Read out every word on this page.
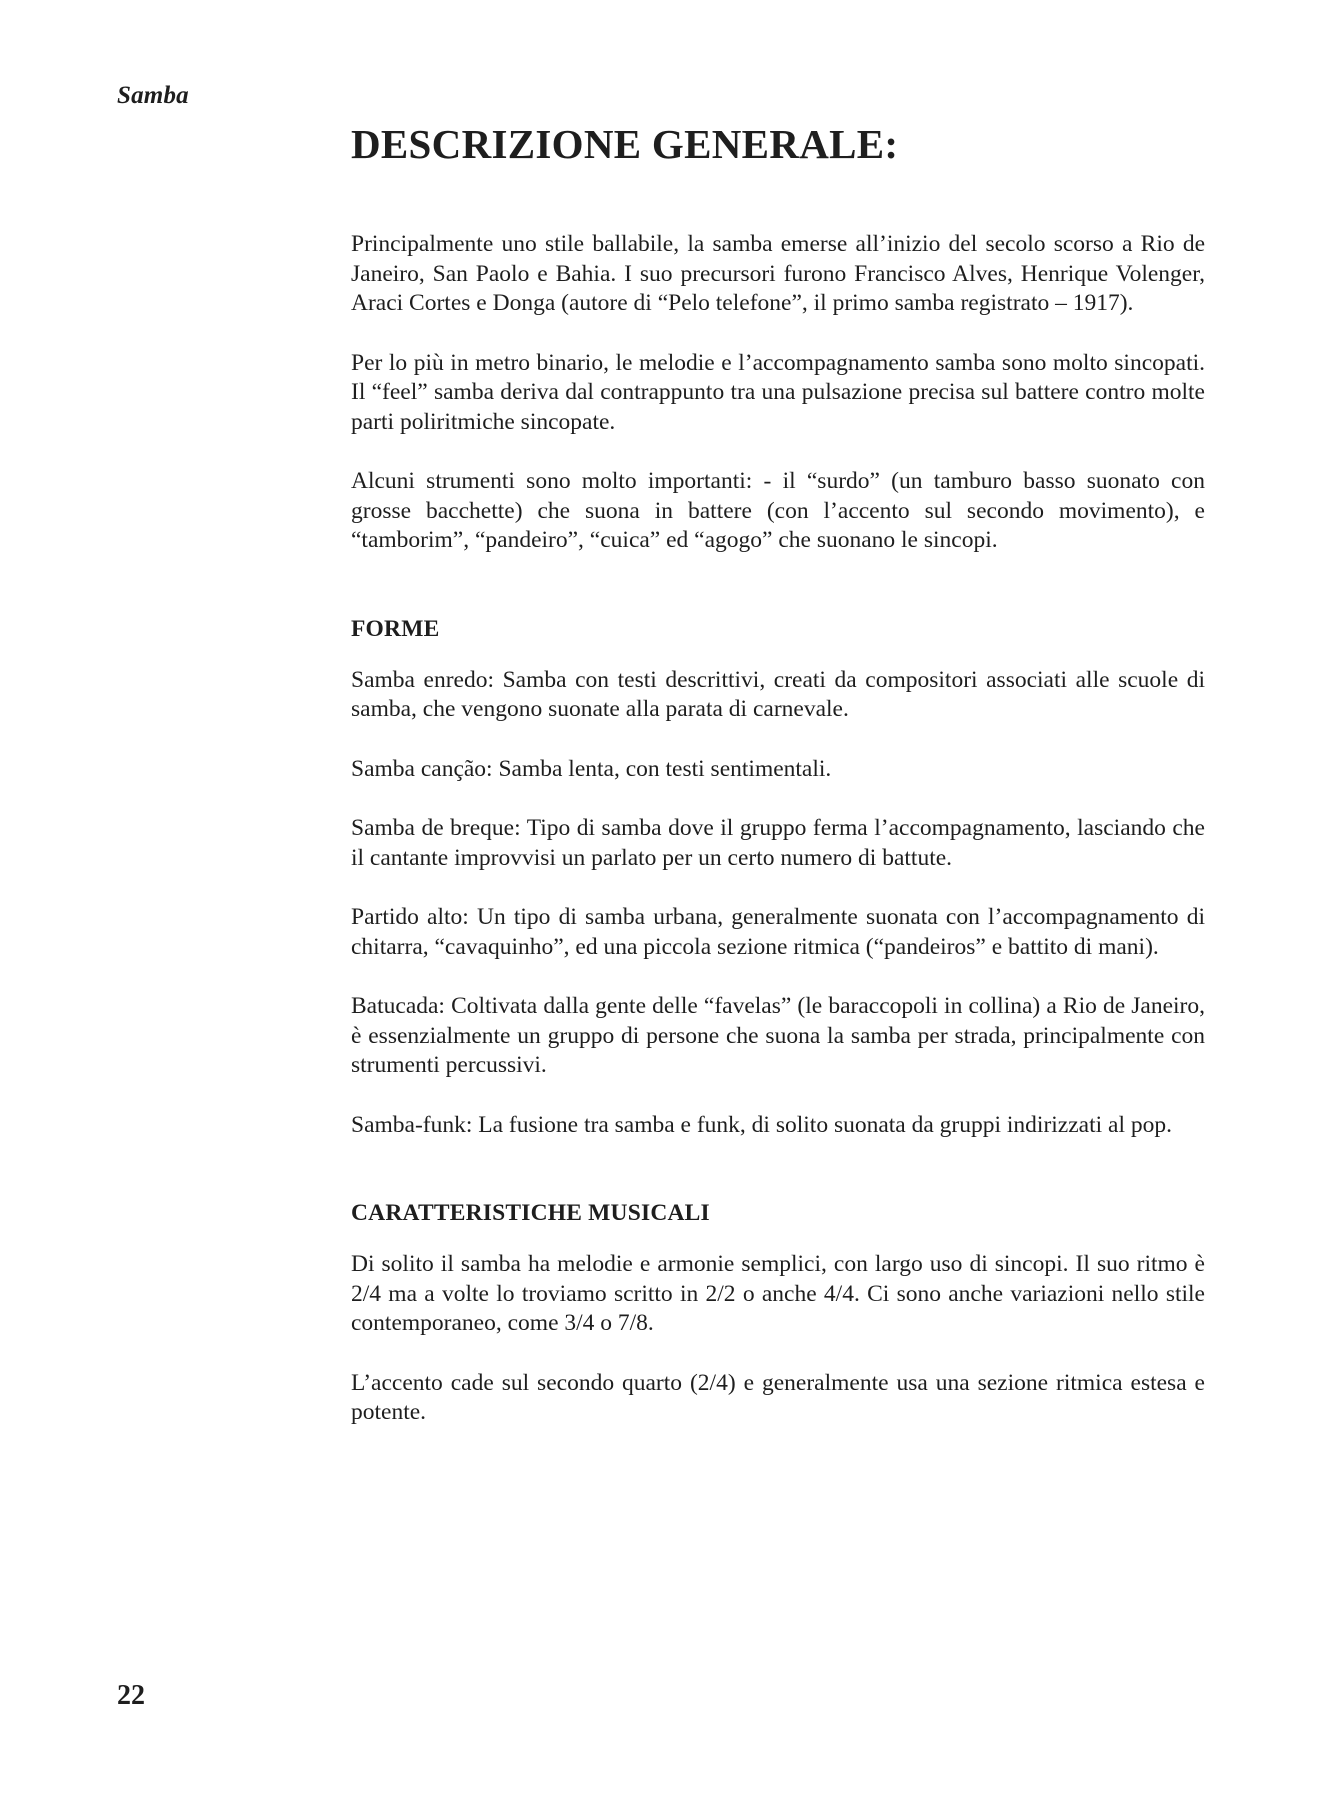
Samba
DESCRIZIONE GENERALE:

Principalmente uno stile ballabile, la samba emerse all’inizio del secolo scorso a Rio de Janeiro, San Paolo e Bahia. I suo precursori furono Francisco Alves, Henrique Volenger, Araci Cortes e Donga (autore di “Pelo telefone”, il primo samba registrato – 1917).

Per lo più in metro binario, le melodie e l’accompagnamento samba sono molto sincopati. Il “feel” samba deriva dal contrappunto tra una pulsazione precisa sul battere contro molte parti poliritmiche sincopate.

Alcuni strumenti sono molto importanti: - il “surdo” (un tamburo basso suonato con grosse bacchette) che suona in battere (con l’accento sul secondo movimento), e “tamborim”, “pandeiro”, “cuica” ed “agogo” che suonano le sincopi.

FORME

Samba enredo: Samba con testi descrittivi, creati da compositori associati alle scuole di samba, che vengono suonate alla parata di carnevale.

Samba canção: Samba lenta, con testi sentimentali.

Samba de breque: Tipo di samba dove il gruppo ferma l’accompagnamento, lasciando che il cantante improvvisi un parlato per un certo numero di battute.

Partido alto: Un tipo di samba urbana, generalmente suonata con l’accompagnamento di chitarra, “cavaquinho”, ed una piccola sezione ritmica (“pandeiros” e battito di mani).

Batucada: Coltivata dalla gente delle “favelas” (le baraccopoli in collina) a Rio de Janeiro, è essenzialmente un gruppo di persone che suona la samba per strada, principalmente con strumenti percussivi.

Samba-funk: La fusione tra samba e funk, di solito suonata da gruppi indirizzati al pop.

CARATTERISTICHE MUSICALI

Di solito il samba ha melodie e armonie semplici, con largo uso di sincopi. Il suo ritmo è 2/4 ma a volte lo troviamo scritto in 2/2 o anche 4/4. Ci sono anche variazioni nello stile contemporaneo, come 3/4 o 7/8.

L’accento cade sul secondo quarto (2/4) e generalmente usa una sezione ritmica estesa e potente.

22
